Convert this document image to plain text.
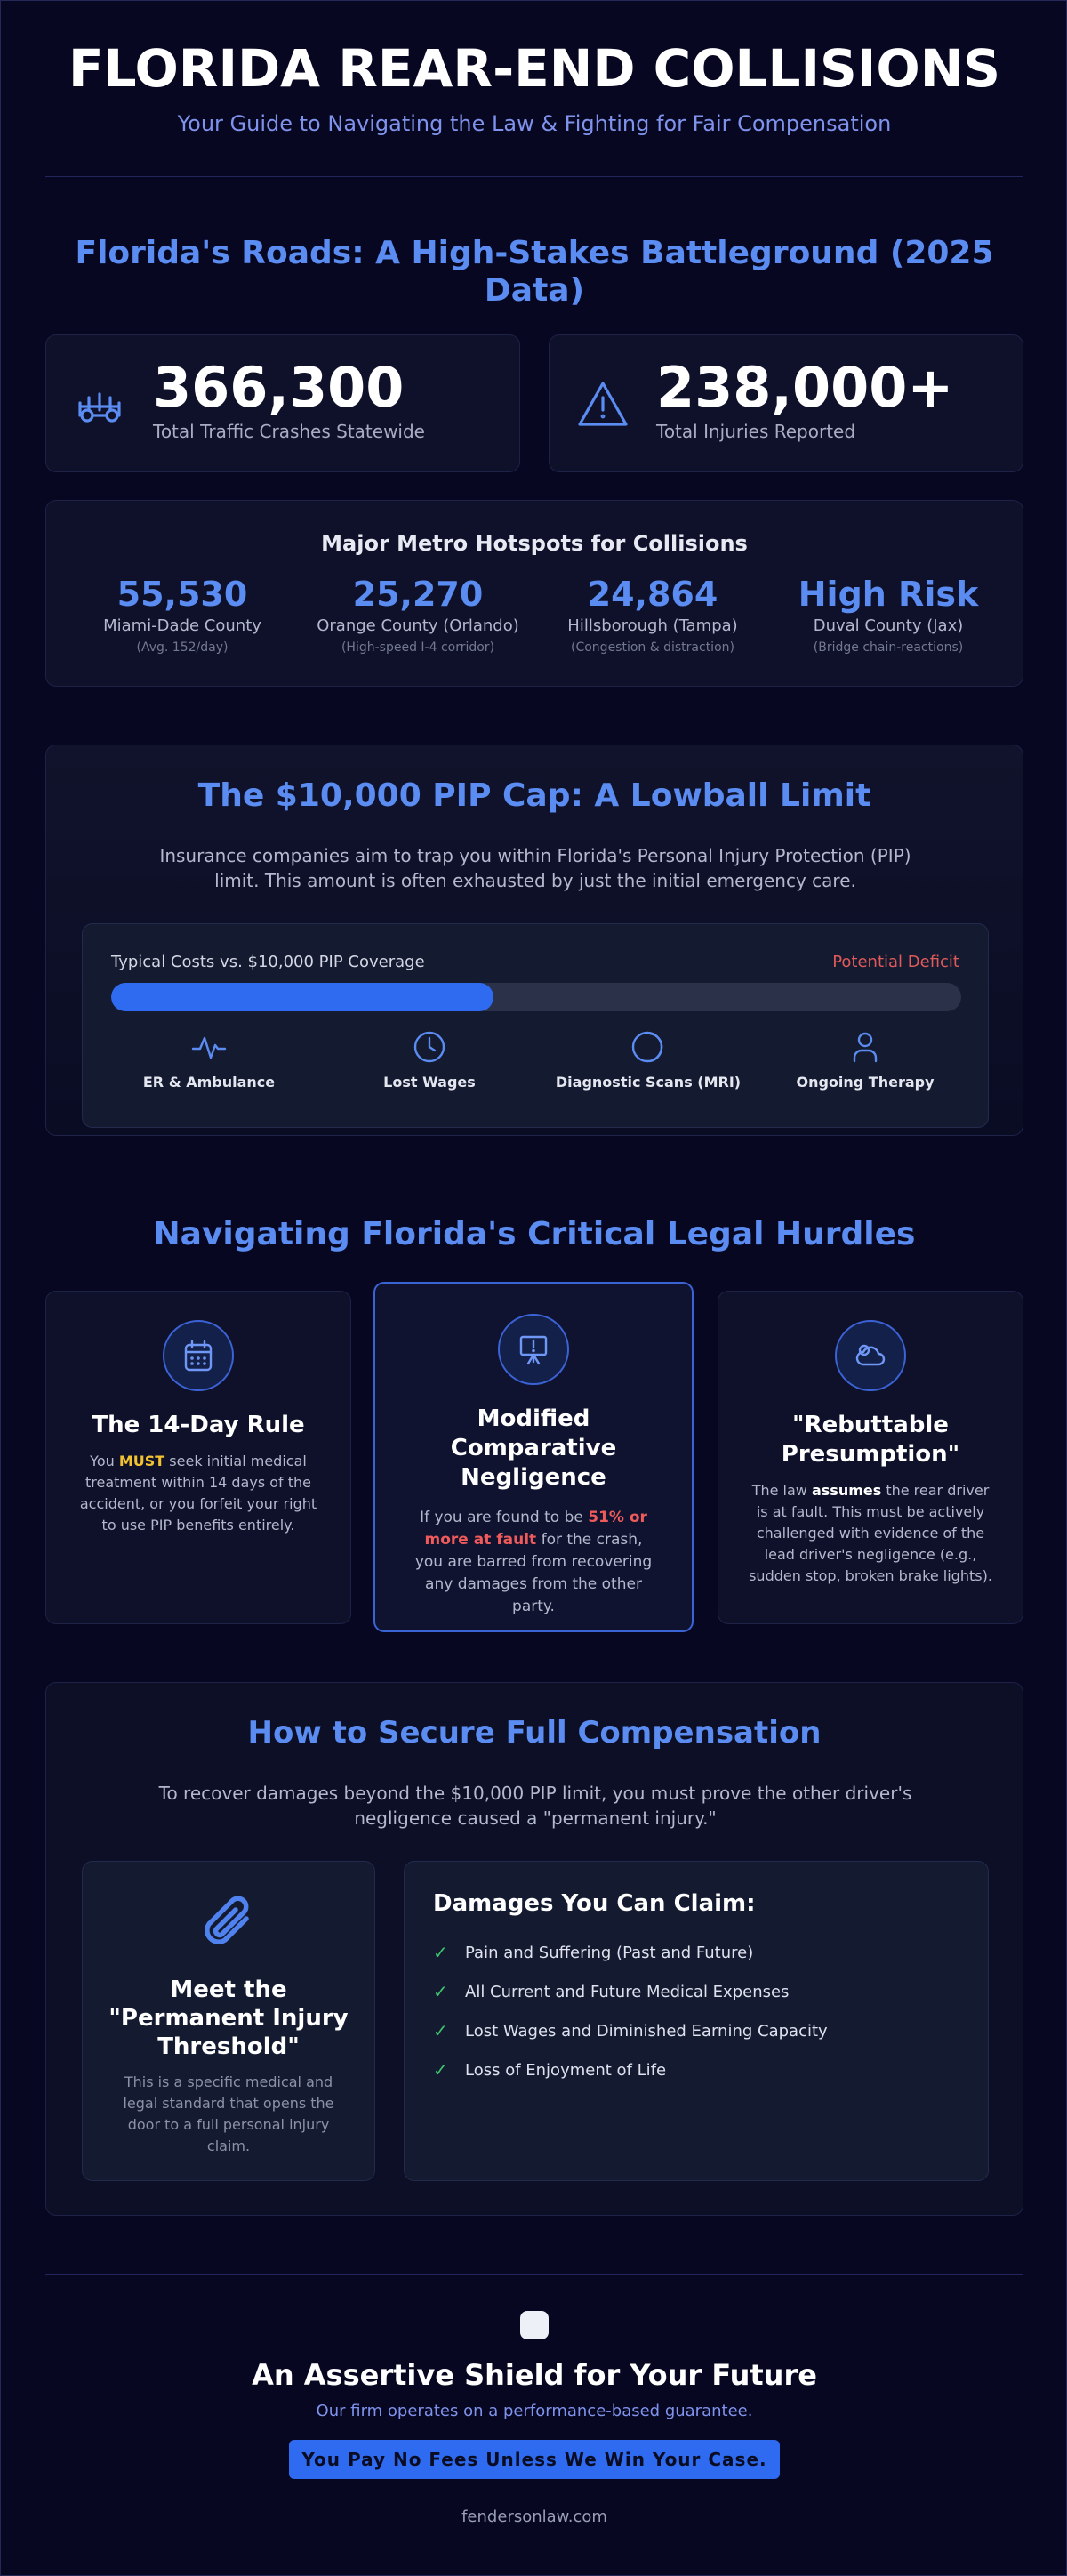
FLORIDA REAR-END COLLISIONS
Your Guide to Navigating the Law & Fighting for Fair Compensation
Florida's Roads: A High-Stakes Battleground (2025 Data)
366,300
Total Traffic Crashes Statewide
238,000+
Total Injuries Reported
Major Metro Hotspots for Collisions
55,530
Miami-Dade County
(Avg. 152/day)
25,270
Orange County (Orlando)
(High-speed I-4 corridor)
24,864
Hillsborough (Tampa)
(Congestion & distraction)
High Risk
Duval County (Jax)
(Bridge chain-reactions)
The $10,000 PIP Cap: A Lowball Limit

Insurance companies aim to trap you within Florida's Personal Injury Protection (PIP) limit. This amount is often exhausted by just the initial emergency care.

Typical Costs vs. $10,000 PIP Coverage	Potential Deficit
ER & Ambulance	Lost Wages	Diagnostic Scans (MRI)	Ongoing Therapy
Navigating Florida's Critical Legal Hurdles
The 14-Day Rule

You MUST seek initial medical treatment within 14 days of the accident, or you forfeit your right to use PIP benefits entirely.

Modified Comparative Negligence

If you are found to be 51% or more at fault for the crash, you are barred from recovering any damages from the other party.

"Rebuttable Presumption"

The law assumes the rear driver is at fault. This must be actively challenged with evidence of the lead driver's negligence (e.g., sudden stop, broken brake lights).

How to Secure Full Compensation

To recover damages beyond the $10,000 PIP limit, you must prove the other driver's negligence caused a "permanent injury."

Meet the "Permanent Injury Threshold"

This is a specific medical and legal standard that opens the door to a full personal injury claim.

Damages You Can Claim:
✓ Pain and Suffering (Past and Future)
✓ All Current and Future Medical Expenses
✓ Lost Wages and Diminished Earning Capacity
✓ Loss of Enjoyment of Life
An Assertive Shield for Your Future
Our firm operates on a performance-based guarantee.
You Pay No Fees Unless We Win Your Case.
fendersonlaw.com
